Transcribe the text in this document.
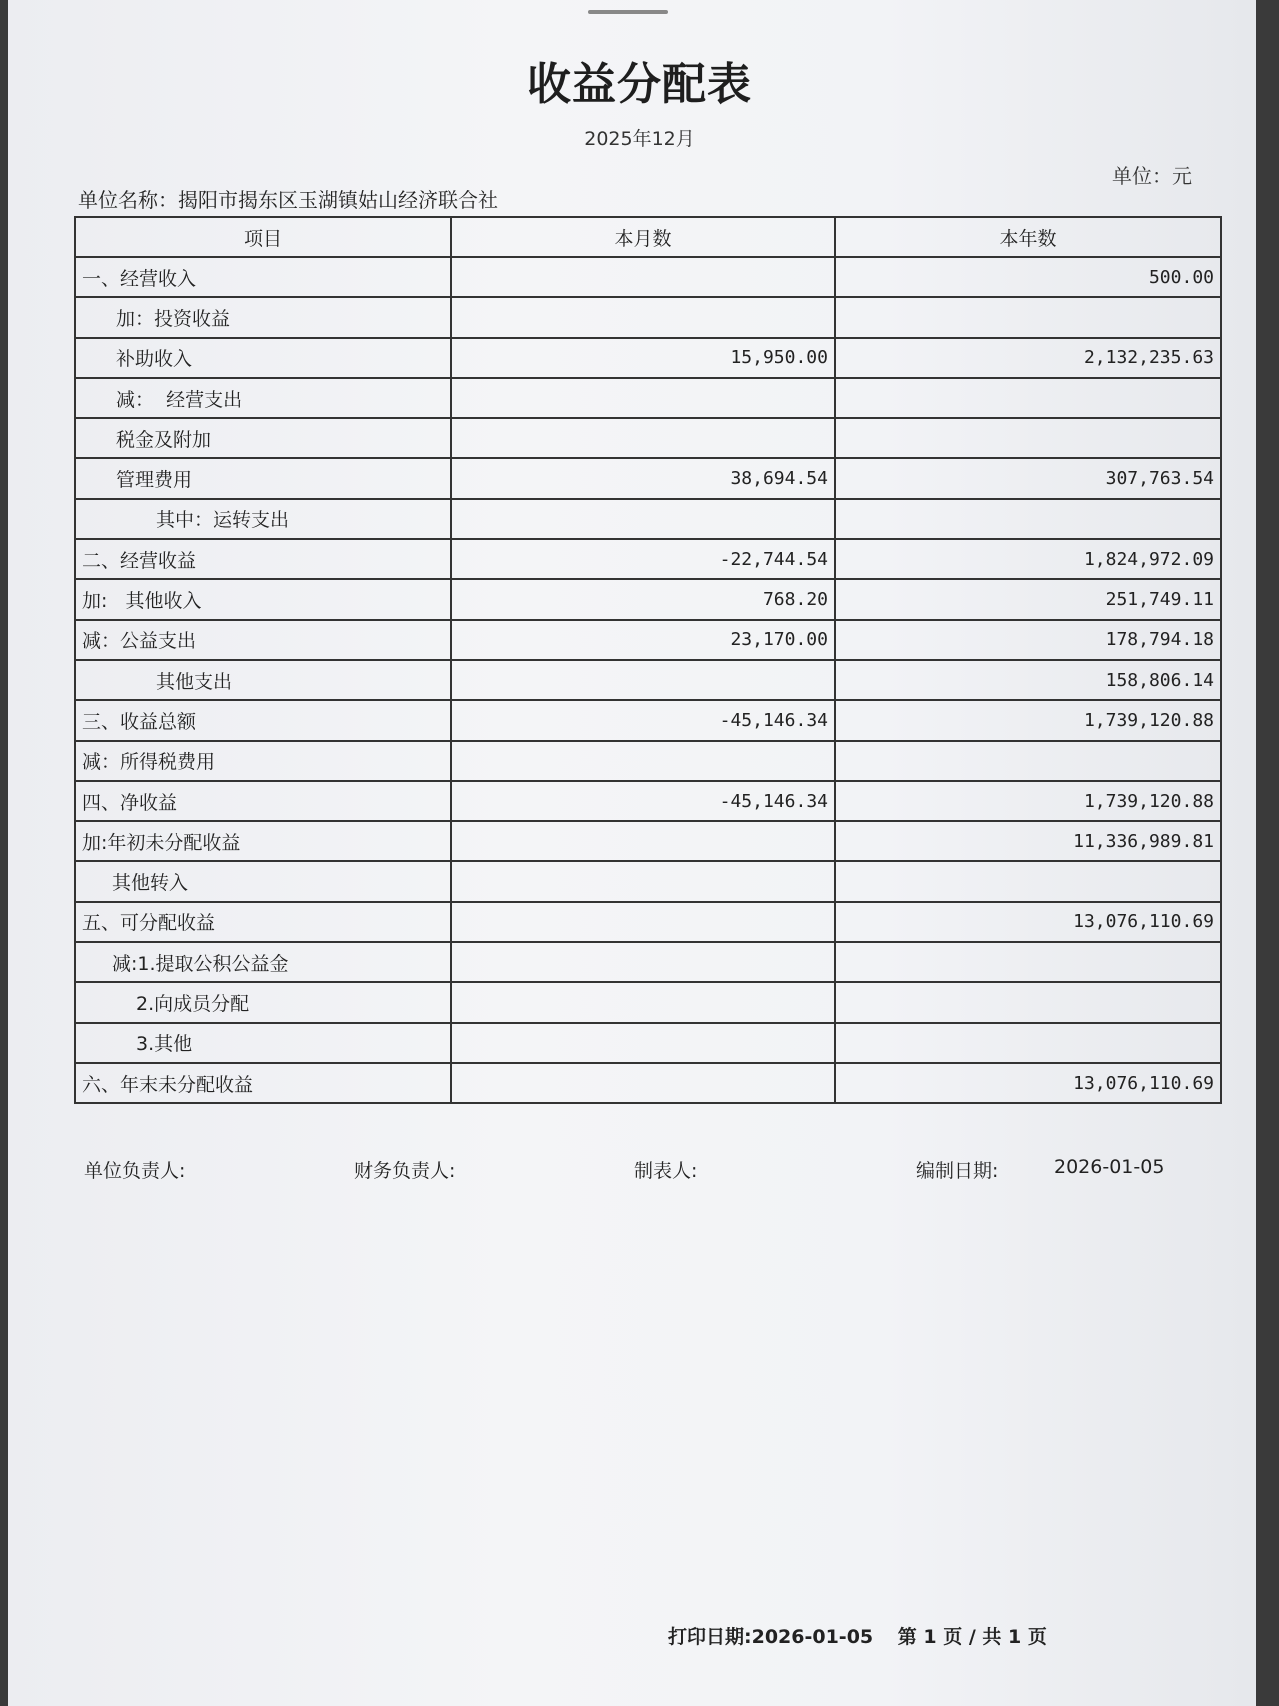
收益分配表
2025年12月
单位：元
单位名称：揭阳市揭东区玉湖镇姑山经济联合社
项目	本月数	本年数
一、经营收入		500.00
加：投资收益		
补助收入	15,950.00	2,132,235.63
减：  经营支出		
税金及附加		
管理费用	38,694.54	307,763.54
其中：运转支出		
二、经营收益	-22,744.54	1,824,972.09
加:   其他收入	768.20	251,749.11
减：公益支出	23,170.00	178,794.18
其他支出		158,806.14
三、收益总额	-45,146.34	1,739,120.88
减：所得税费用		
四、净收益	-45,146.34	1,739,120.88
加:年初未分配收益		11,336,989.81
其他转入		
五、可分配收益		13,076,110.69
减:1.提取公积公益金		
2.向成员分配		
3.其他		
六、年末未分配收益		13,076,110.69
单位负责人:	财务负责人:	制表人:	编制日期:	2026-01-05
打印日期:2026-01-05 第 1 页 / 共 1 页
